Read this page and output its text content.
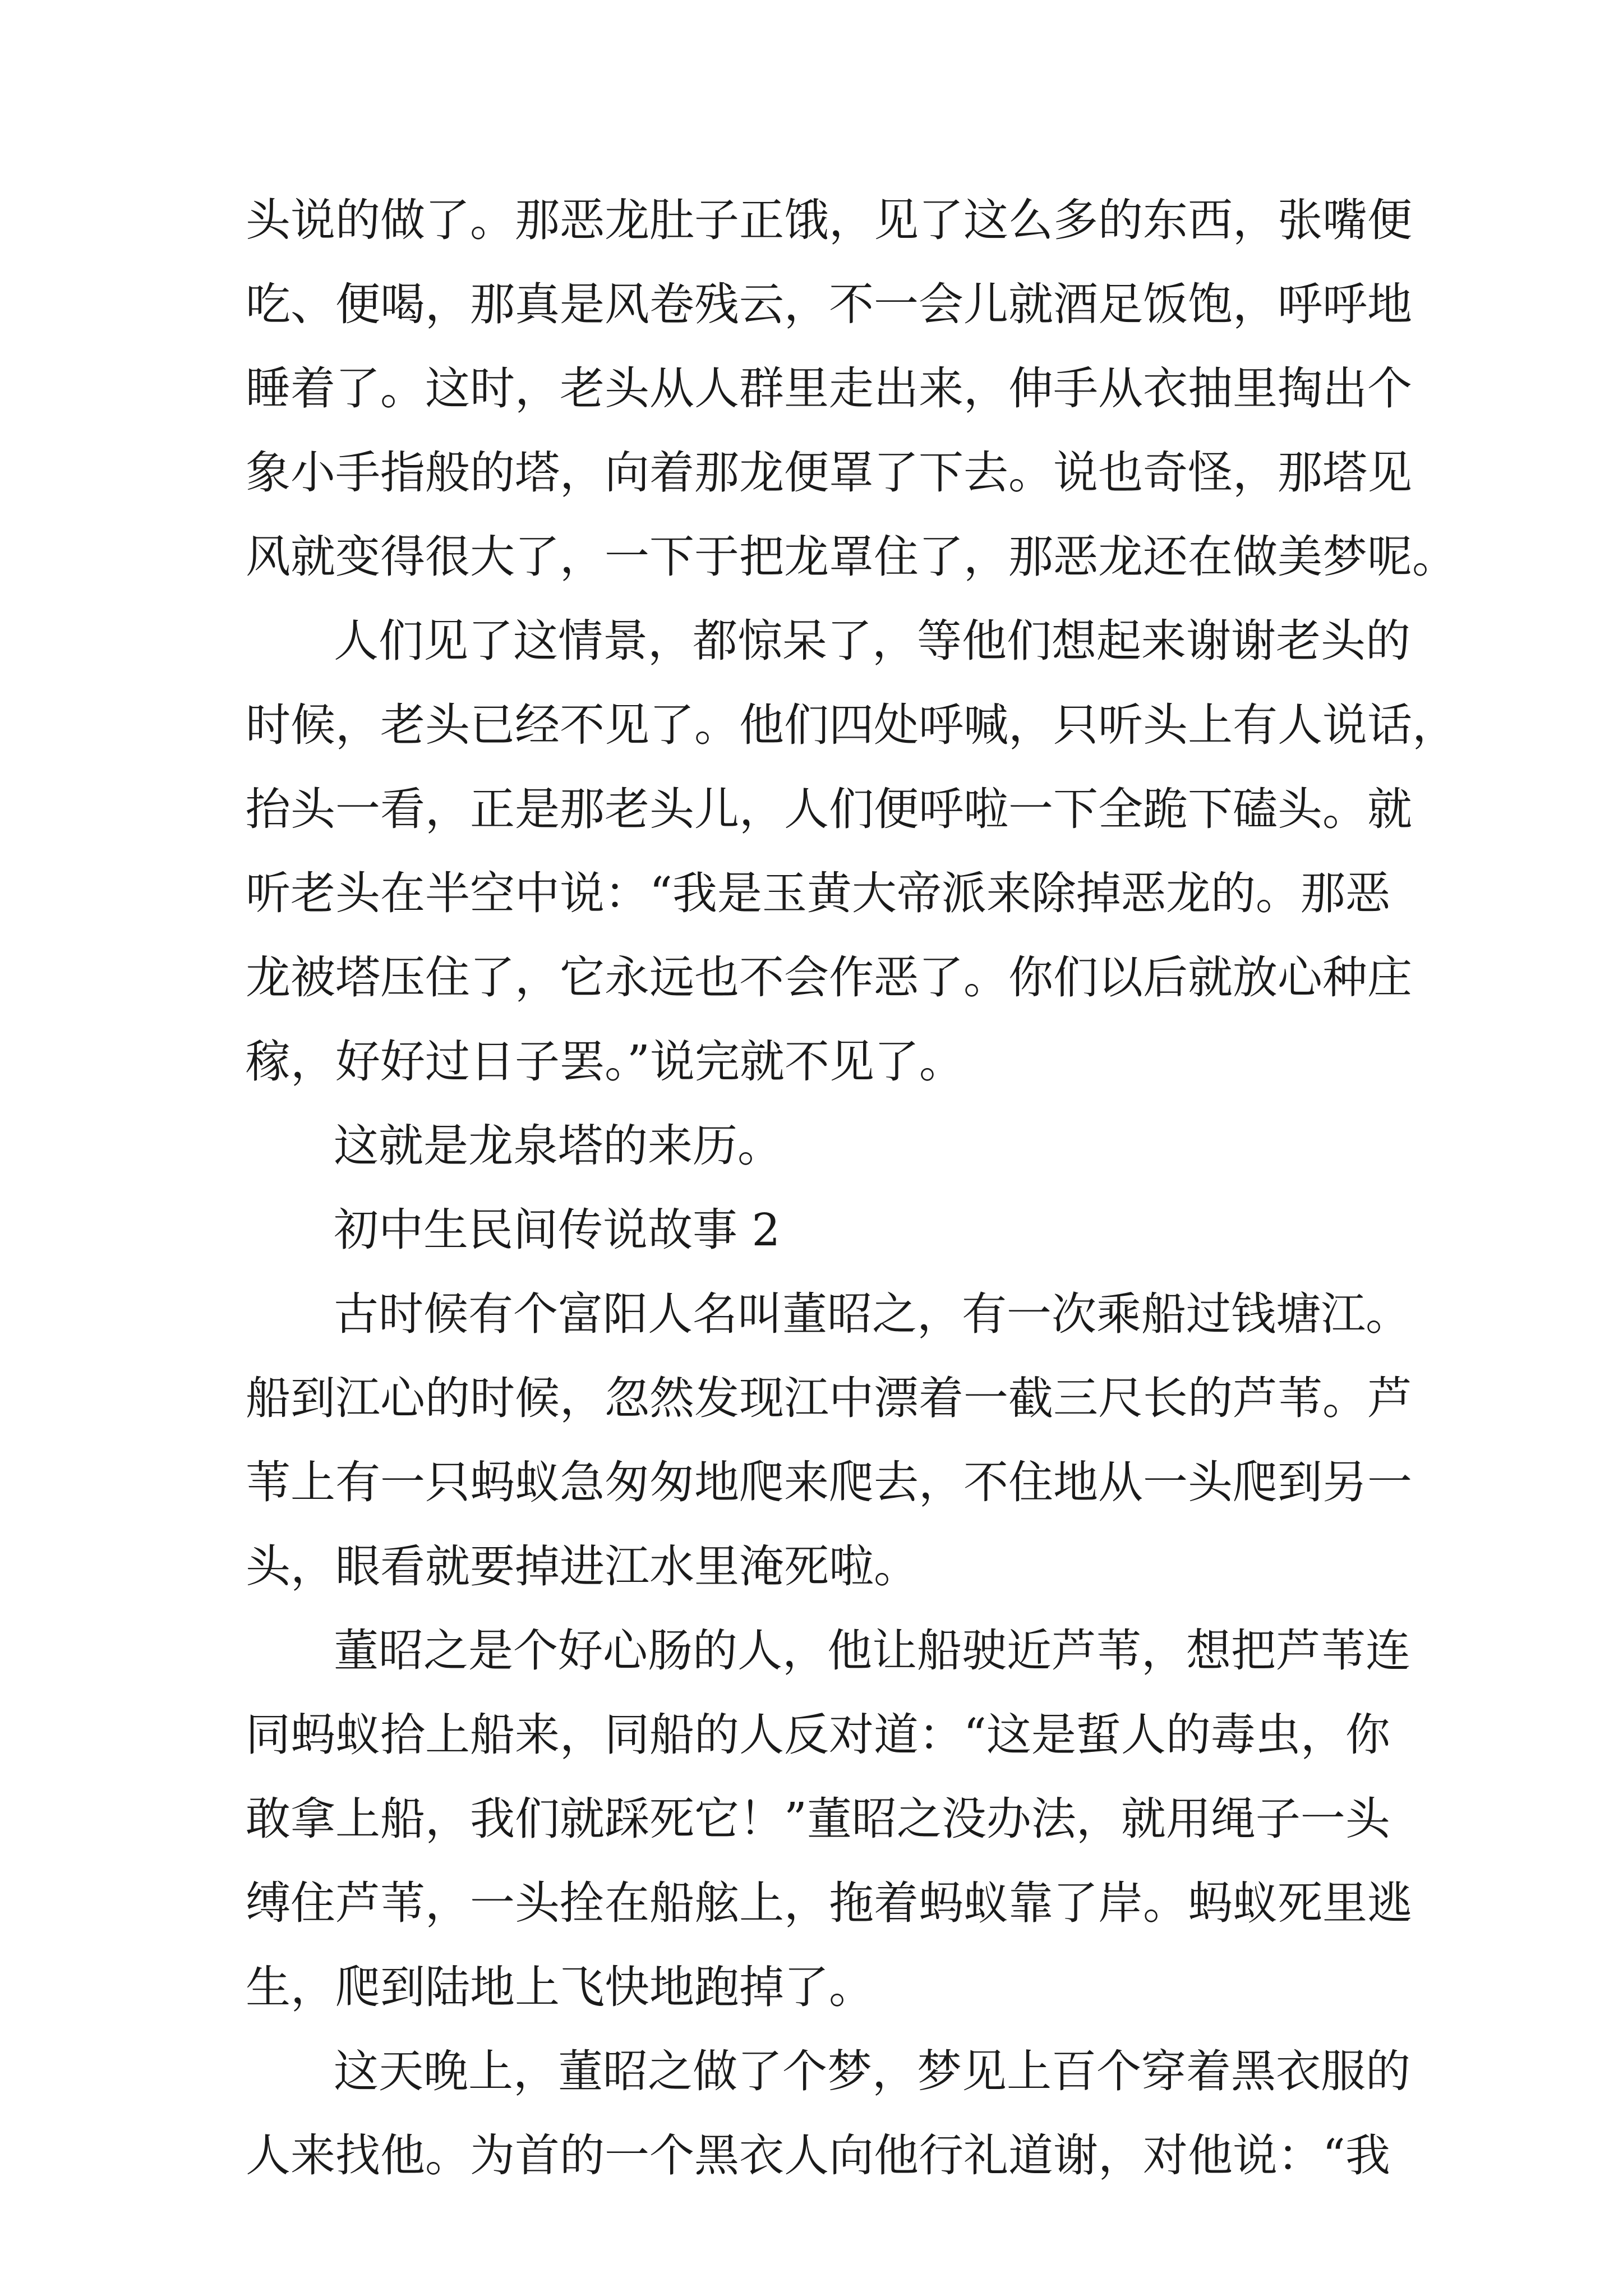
头说的做了。那恶龙肚子正饿，见了这么多的东西，张嘴便

吃、便喝，那真是风卷残云，不一会儿就酒足饭饱，呼呼地

睡着了。这时，老头从人群里走出来，伸手从衣抽里掏出个

象小手指般的塔，向着那龙便罩了下去。说也奇怪，那塔见

风就变得很大了，一下于把龙罩住了，那恶龙还在做美梦呢。

人们见了这情景，都惊呆了，等他们想起来谢谢老头的

时候，老头已经不见了。他们四处呼喊，只听头上有人说话，

抬头一看，正是那老头儿，人们便呼啦一下全跪下磕头。就

听老头在半空中说：“我是玉黄大帝派来除掉恶龙的。那恶

龙被塔压住了，它永远也不会作恶了。你们以后就放心种庄

稼，好好过日子罢。”说完就不见了。

这就是龙泉塔的来历。

初中生民间传说故事 2

古时候有个富阳人名叫董昭之，有一次乘船过钱塘江。

船到江心的时候，忽然发现江中漂着一截三尺长的芦苇。芦

苇上有一只蚂蚁急匆匆地爬来爬去，不住地从一头爬到另一

头，眼看就要掉进江水里淹死啦。

董昭之是个好心肠的人，他让船驶近芦苇，想把芦苇连

同蚂蚁拾上船来，同船的人反对道：“这是蜇人的毒虫，你

敢拿上船，我们就踩死它！”董昭之没办法，就用绳子一头

缚住芦苇，一头拴在船舷上，拖着蚂蚁靠了岸。蚂蚁死里逃

生，爬到陆地上飞快地跑掉了。

这天晚上，董昭之做了个梦，梦见上百个穿着黑衣服的

人来找他。为首的一个黑衣人向他行礼道谢，对他说：“我
